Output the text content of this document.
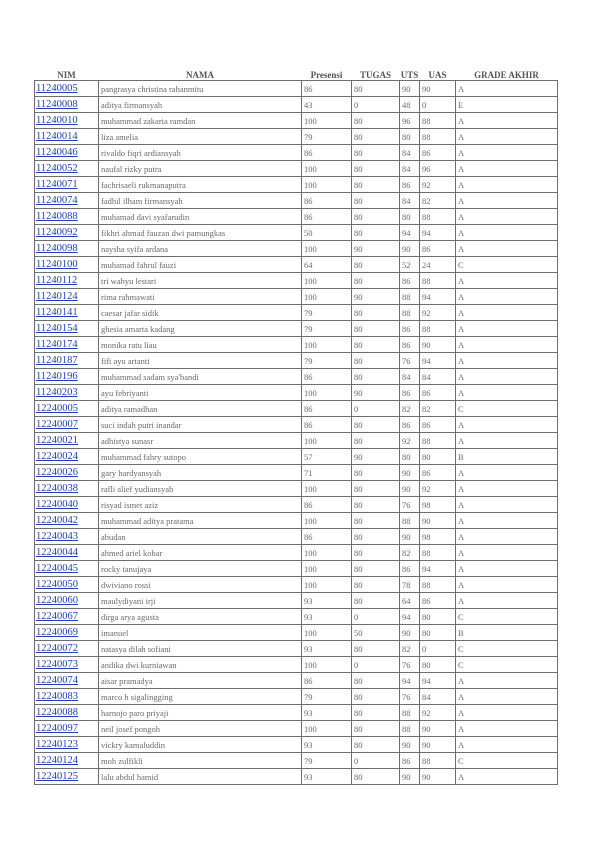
NIM	NAMA	Presensi	TUGAS	UTS	UAS	GRADE AKHIR
11240005	pangrasya christina rahanmitu	86	80	90	90	A
11240008	aditya firmansyah	43	0	48	0	E
11240010	muhammad zakaria ramdan	100	80	96	88	A
11240014	liza amelia	79	80	80	88	A
11240046	rivaldo fiqri ardiansyah	86	80	84	86	A
11240052	naufal rizky putra	100	80	84	96	A
11240071	fachrisaeli rukmanaputra	100	80	86	92	A
11240074	fadhil ilham firmansyah	86	80	84	82	A
11240088	muhamad davi syafarudin	86	80	80	88	A
11240092	fikhri ahmad fauzan dwi pamungkas	50	80	94	94	A
11240098	naysha syifa ardana	100	90	90	86	A
11240100	muhamad fahrul fauzi	64	80	52	24	C
11240112	tri wahyu lestari	100	80	86	88	A
11240124	rima rahmawati	100	90	88	94	A
11240141	caesar jafar sidik	79	80	88	92	A
11240154	ghesia amarta kadang	79	80	86	88	A
11240174	monika ratu liau	100	80	86	90	A
11240187	fifi ayu artanti	79	80	76	94	A
11240196	muhammad sadam sya'bandi	86	80	84	84	A
11240203	ayu febriyanti	100	90	86	86	A
12240005	aditya ramadhan	86	0	82	82	C
12240007	suci indah putri inandar	86	80	86	86	A
12240021	adhistya sunasr	100	80	92	88	A
12240024	muhammad fahry sutopo	57	90	80	80	B
12240026	gary hardyansyah	71	80	90	86	A
12240038	rafli alief yudiansyah	100	80	90	92	A
12240040	risyad ismet aziz	86	80	76	98	A
12240042	muhammad aditya pratama	100	80	88	90	A
12240043	abudan	86	80	90	98	A
12240044	ahmed ariel kobar	100	80	82	88	A
12240045	rocky tanujaya	100	80	86	94	A
12240050	dwiviano rossi	100	80	78	88	A
12240060	maulydiyani irji	93	80	64	86	A
12240067	dirga arya agusta	93	0	94	80	C
12240069	imanuel	100	50	90	80	B
12240072	natasya dilah sofiani	93	80	82	0	C
12240073	andika dwi kurniawan	100	0	76	80	C
12240074	aisar pramadya	86	80	94	94	A
12240083	marco h sigalingging	79	80	76	84	A
12240088	harnojo paro priyaji	93	80	88	92	A
12240097	neil josef pongoh	100	80	88	90	A
12240123	vickry kamaluddin	93	80	90	90	A
12240124	moh zulfikli	79	0	86	88	C
12240125	lalu abdul hamid	93	80	90	90	A
